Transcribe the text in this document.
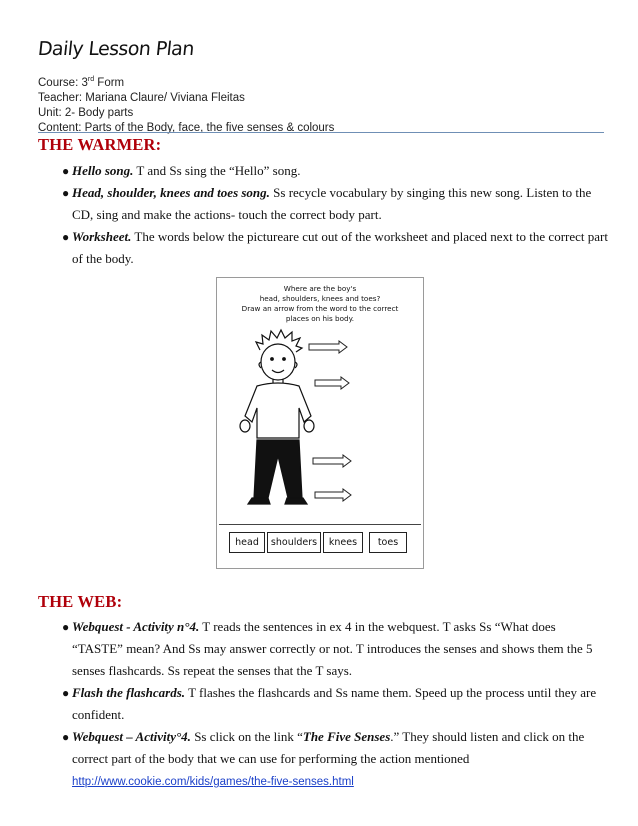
Daily Lesson Plan
Course: 3rd Form
Teacher: Mariana Claure/ Viviana Fleitas
Unit: 2- Body parts
Content: Parts of the Body, face, the five senses & colours
THE WARMER:
● Hello song. T and Ss sing the “Hello” song.
● Head, shoulder, knees and toes song. Ss recycle vocabulary by singing this new song. Listen to the CD, sing and make the actions- touch the correct body part.
● Worksheet. The words below the pictureare cut out of the worksheet and placed next to the correct part of the body.
Where are the boy's
head, shoulders, knees and toes?
Draw an arrow from the word to the correct
places on his body.
head	shoulders	knees	toes
THE WEB:
● Webquest - Activity n°4. T reads the sentences in ex 4 in the webquest. T asks Ss “What does “TASTE” mean? And Ss may answer correctly or not. T introduces the senses and shows them the 5 senses flashcards. Ss repeat the senses that the T says.
● Flash the flashcards. T flashes the flashcards and Ss name them. Speed up the process until they are confident.
● Webquest – Activity°4. Ss click on the link “The Five Senses.” They should listen and click on the correct part of the body that we can use for performing the action mentioned
http://www.cookie.com/kids/games/the-five-senses.html
